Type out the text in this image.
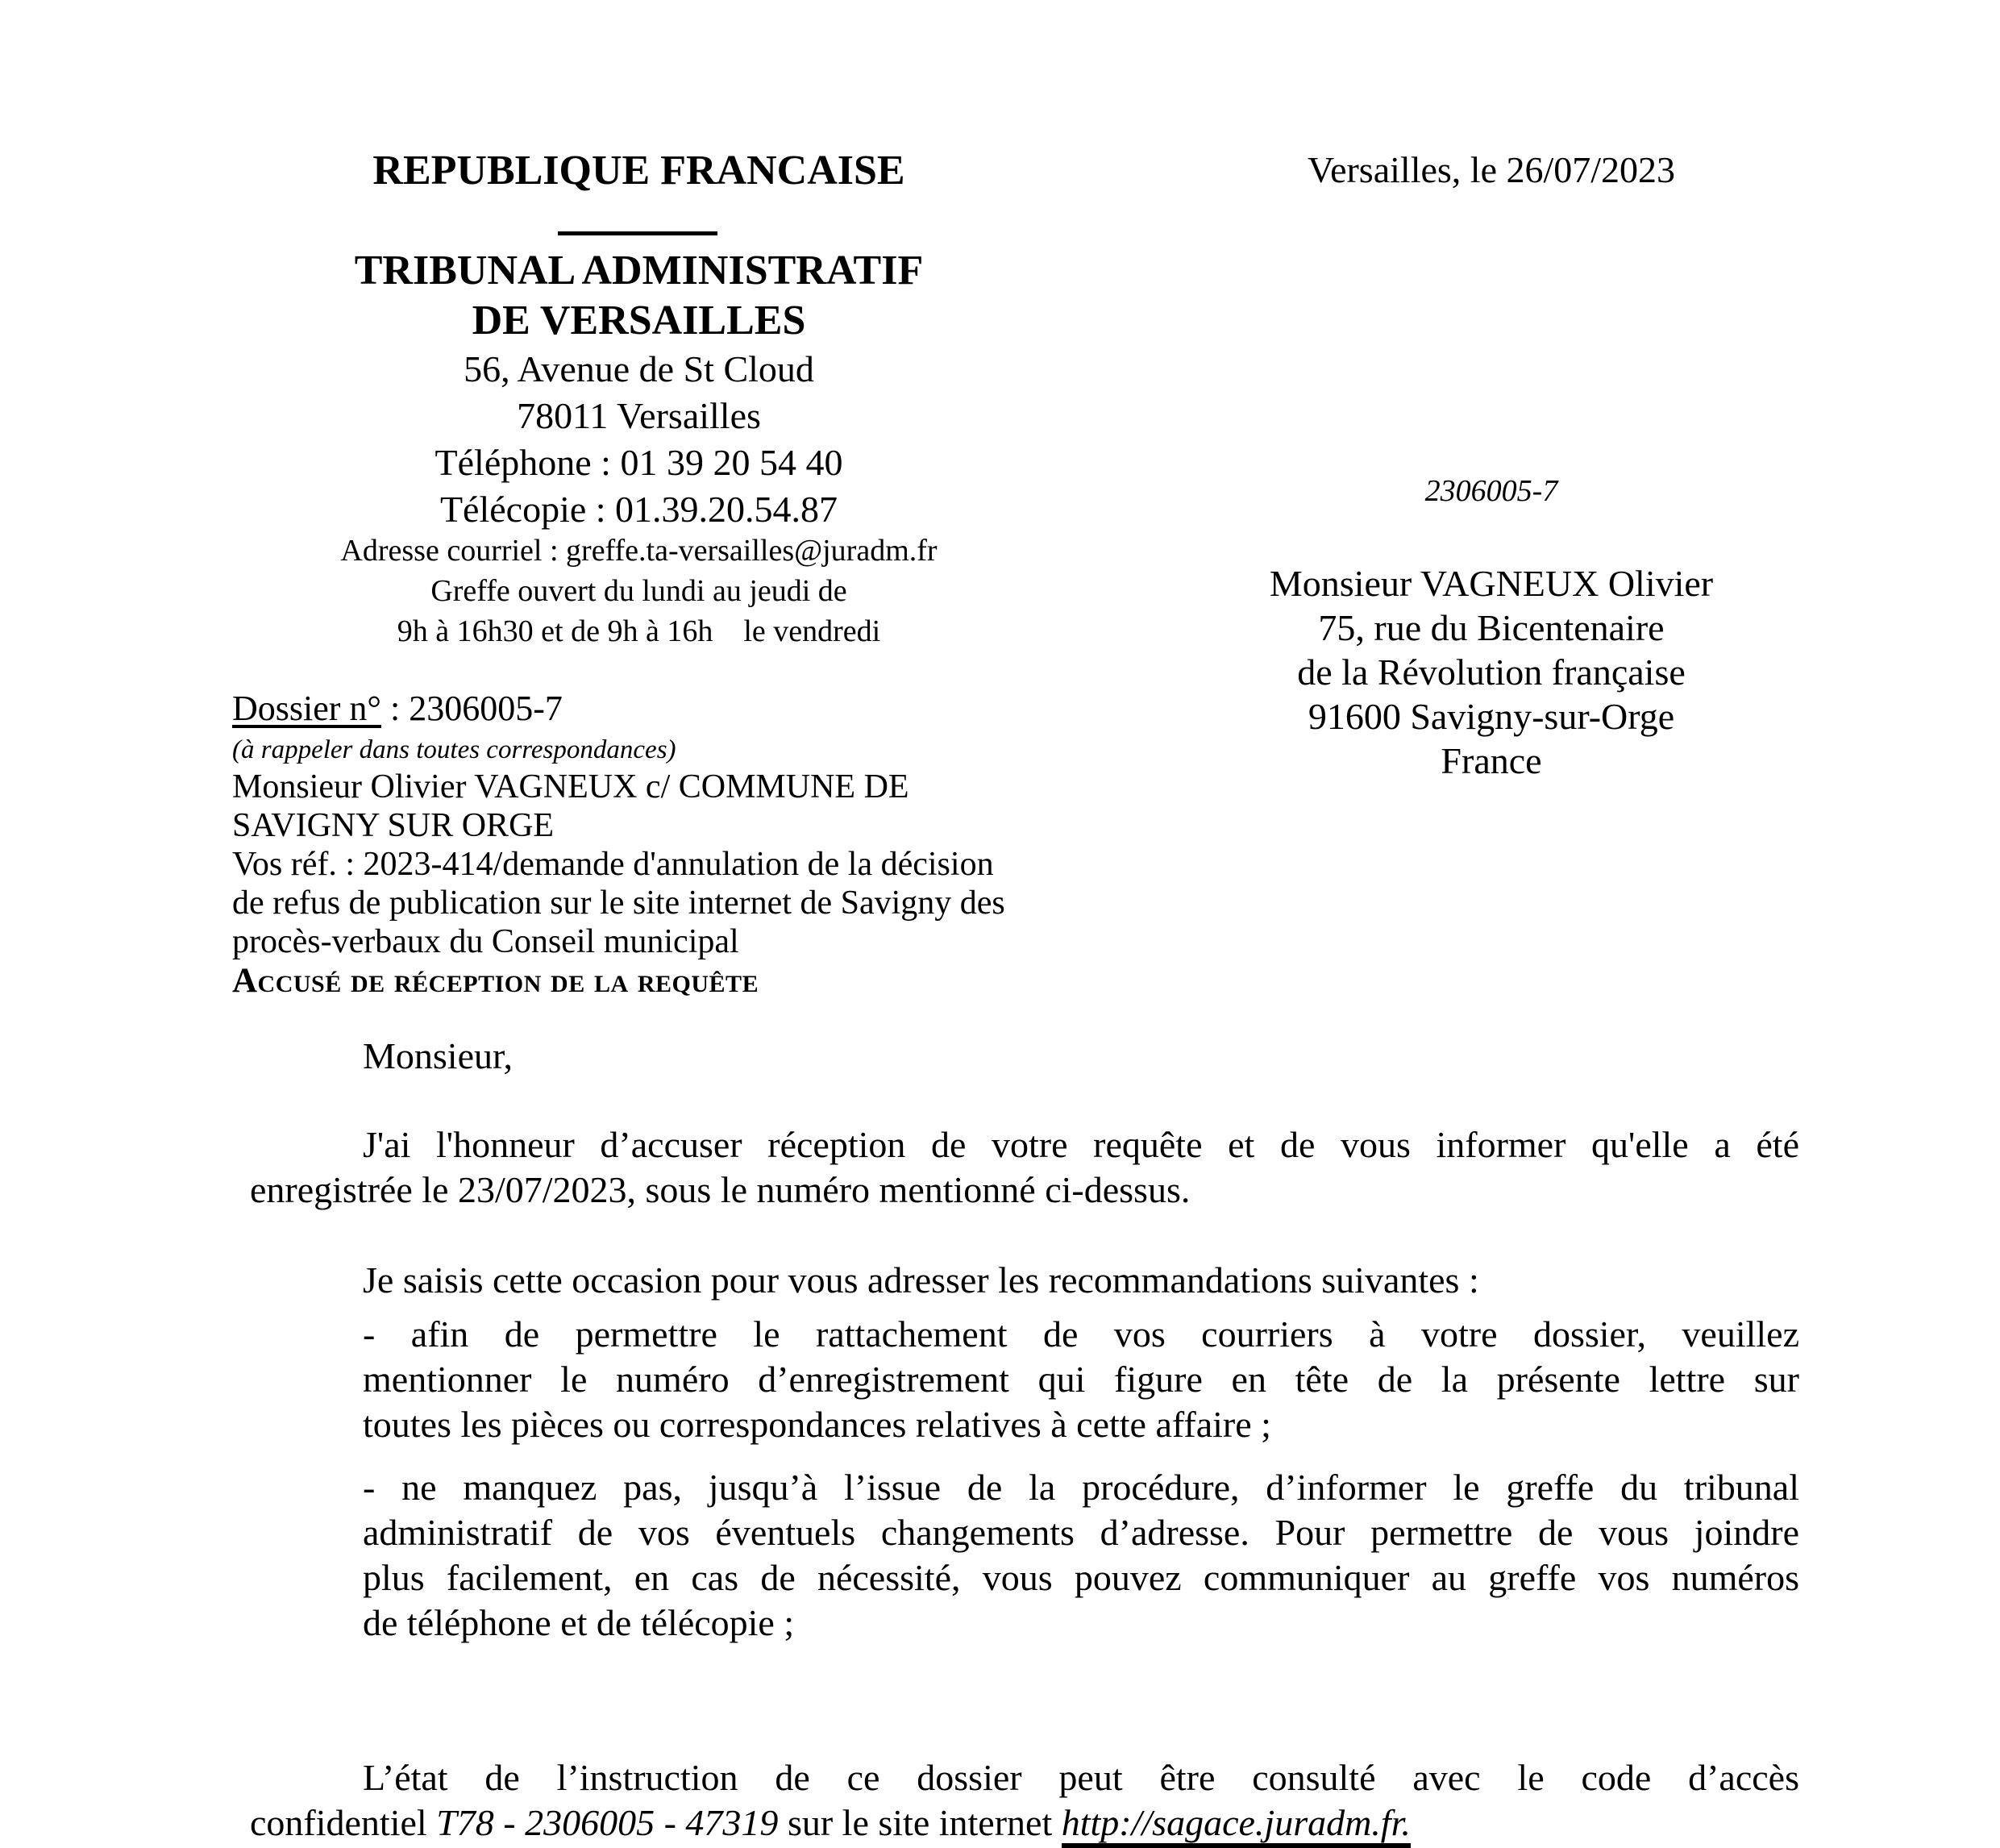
REPUBLIQUE FRANCAISE
TRIBUNAL ADMINISTRATIF
DE VERSAILLES
56, Avenue de St Cloud
78011 Versailles
Téléphone : 01 39 20 54 40
Télécopie : 01.39.20.54.87
Adresse courriel : greffe.ta-versailles@juradm.fr
Greffe ouvert du lundi au jeudi de
9h à 16h30 et de 9h à 16h    le vendredi
Dossier n° : 2306005-7
(à rappeler dans toutes correspondances)
Monsieur Olivier VAGNEUX c/ COMMUNE DE
SAVIGNY SUR ORGE
Vos réf. : 2023-414/demande d'annulation de la décision
de refus de publication sur le site internet de Savigny des
procès-verbaux du Conseil municipal
Accusé de réception de la requête
Versailles, le 26/07/2023
2306005-7
Monsieur VAGNEUX Olivier
75, rue du Bicentenaire
de la Révolution française
91600 Savigny-sur-Orge
France
Monsieur,
J'ai l'honneur d’accuser réception de votre requête et de vous informer qu'elle a été
enregistrée le 23/07/2023, sous le numéro mentionné ci-dessus.
Je saisis cette occasion pour vous adresser les recommandations suivantes :
- afin de permettre le rattachement de vos courriers à votre dossier, veuillez
mentionner le numéro d’enregistrement qui figure en tête de la présente lettre sur
toutes les pièces ou correspondances relatives à cette affaire ;
- ne manquez pas, jusqu’à l’issue de la procédure, d’informer le greffe du tribunal
administratif de vos éventuels changements d’adresse. Pour permettre de vous joindre
plus facilement, en cas de nécessité, vous pouvez communiquer au greffe vos numéros
de téléphone et de télécopie ;
L’état de l’instruction de ce dossier peut être consulté avec le code d’accès
confidentiel T78 - 2306005 - 47319 sur le site internet http://sagace.juradm.fr.
